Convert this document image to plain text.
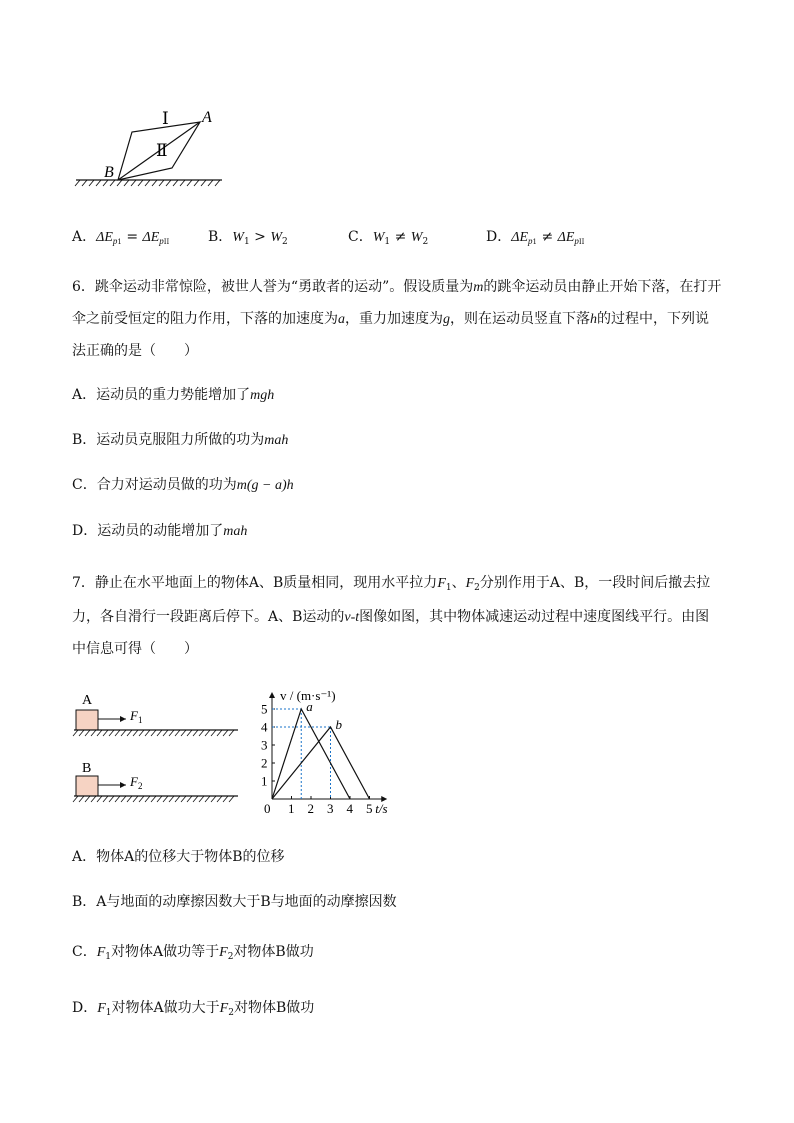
Ⅰ
Ⅱ
A
B
A．$\Delta E_{p1} = \Delta E_{pII}$	B．$W_1 > W_2$	C．$W_1 \ne W_2$	D．$\Delta E_{p1} \ne \Delta E_{pII}$
6．跳伞运动非常惊险，被世人誉为“勇敢者的运动”。假设质量为m的跳伞运动员由静止开始下落，在打开
伞之前受恒定的阻力作用，下落的加速度为a，重力加速度为g，则在运动员竖直下落h的过程中，下列说
法正确的是（　　）
A．运动员的重力势能增加了mgh
B．运动员克服阻力所做的功为mah
C．合力对运动员做的功为m(g − a)h
D．运动员的动能增加了mah
7．静止在水平地面上的物体A、B质量相同，现用水平拉力$F_1$、$F_2$分别作用于A、B，一段时间后撤去拉
力，各自滑行一段距离后停下。A、B运动的v-t图像如图，其中物体减速运动过程中速度图线平行。由图
中信息可得（　　）
A
$F_1$
B
$F_2$
v / (m·s⁻¹)
t/s
0 1 2 3 4 5
1
2
3
4
5	a
b
A．物体A的位移大于物体B的位移
B．A与地面的动摩擦因数大于B与地面的动摩擦因数
C．$F_1$对物体A做功等于$F_2$对物体B做功
D．$F_1$对物体A做功大于$F_2$对物体B做功
